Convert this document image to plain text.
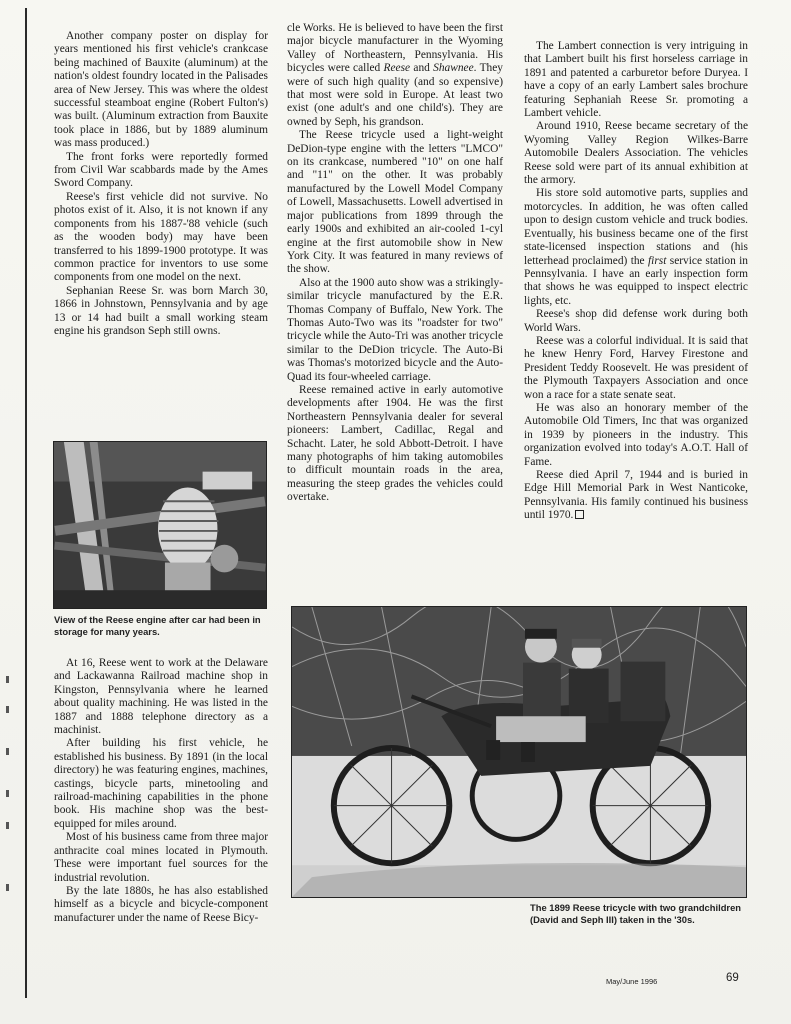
Another company poster on display for years mentioned his first vehicle's crankcase being machined of Bauxite (aluminum) at the nation's oldest foundry located in the Palisades area of New Jersey. This was where the oldest successful steamboat engine (Robert Fulton's) was built. (Aluminum extraction from Bauxite took place in 1886, but by 1889 aluminum was mass produced.)

The front forks were reportedly formed from Civil War scabbards made by the Ames Sword Company.

Reese's first vehicle did not survive. No photos exist of it. Also, it is not known if any components from his 1887-'88 vehicle (such as the wooden body) may have been transferred to his 1899-1900 prototype. It was common practice for inventors to use some components from one model on the next.

Sephanian Reese Sr. was born March 30, 1866 in Johnstown, Pennsylvania and by age 13 or 14 had built a small working steam engine his grandson Seph still owns.

View of the Reese engine after car had been in storage for many years.

At 16, Reese went to work at the Delaware and Lackawanna Railroad machine shop in Kingston, Pennsylvania where he learned about quality machining. He was listed in the 1887 and 1888 telephone directory as a machinist.

After building his first vehicle, he established his business. By 1891 (in the local directory) he was featuring engines, machines, castings, bicycle parts, minetooling and railroad-machining capabilities in the phone book. His machine shop was the best-equipped for miles around.

Most of his business came from three major anthracite coal mines located in Plymouth. These were important fuel sources for the industrial revolution.

By the late 1880s, he has also established himself as a bicycle and bicycle-component manufacturer under the name of Reese Bicy-

cle Works. He is believed to have been the first major bicycle manufacturer in the Wyoming Valley of Northeastern, Pennsylvania. His bicycles were called Reese and Shawnee. They were of such high quality (and so expensive) that most were sold in Europe. At least two exist (one adult's and one child's). They are owned by Seph, his grandson.

The Reese tricycle used a light-weight DeDion-type engine with the letters "LMCO" on its crankcase, numbered "10" on one half and "11" on the other. It was probably manufactured by the Lowell Model Company of Lowell, Massachusetts. Lowell advertised in major publications from 1899 through the early 1900s and exhibited an air-cooled 1-cyl engine at the first automobile show in New York City. It was featured in many reviews of the show.

Also at the 1900 auto show was a strikingly-similar tricycle manufactured by the E.R. Thomas Company of Buffalo, New York. The Thomas Auto-Two was its "roadster for two" tricycle while the Auto-Tri was another tricycle similar to the DeDion tricycle. The Auto-Bi was Thomas's motorized bicycle and the Auto-Quad its four-wheeled carriage.

Reese remained active in early automotive developments after 1904. He was the first Northeastern Pennsylvania dealer for several pioneers: Lambert, Cadillac, Regal and Schacht. Later, he sold Abbott-Detroit. I have many photographs of him taking automobiles to difficult mountain roads in the area, measuring the steep grades the vehicles could overtake.

The Lambert connection is very intriguing in that Lambert built his first horseless carriage in 1891 and patented a carburetor before Duryea. I have a copy of an early Lambert sales brochure featuring Sephaniah Reese Sr. promoting a Lambert vehicle.

Around 1910, Reese became secretary of the Wyoming Valley Region Wilkes-Barre Automobile Dealers Association. The vehicles Reese sold were part of its annual exhibition at the armory.

His store sold automotive parts, supplies and motorcycles. In addition, he was often called upon to design custom vehicle and truck bodies. Eventually, his business became one of the first state-licensed inspection stations and (his letterhead proclaimed) the first service station in Pennsylvania. I have an early inspection form that shows he was equipped to inspect electric lights, etc.

Reese's shop did defense work during both World Wars.

Reese was a colorful individual. It is said that he knew Henry Ford, Harvey Firestone and President Teddy Roosevelt. He was president of the Plymouth Taxpayers Association and once won a race for a state senate seat.

He was also an honorary member of the Automobile Old Timers, Inc that was organized in 1939 by pioneers in the industry. This organization evolved into today's A.O.T. Hall of Fame.

Reese died April 7, 1944 and is buried in Edge Hill Memorial Park in West Nanticoke, Pennsylvania. His family continued his business until 1970.

The 1899 Reese tricycle with two grandchildren (David and Seph III) taken in the '30s.
May/June 1996	69
